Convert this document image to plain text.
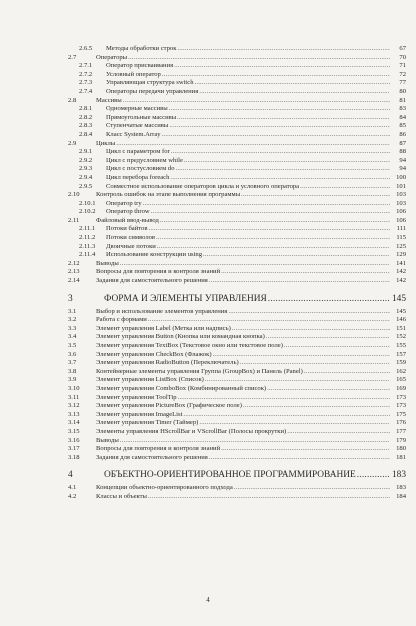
2.6.5 Методы обработки строк .....	67
2.7	Операторы .....	70
2.7.1 Оператор присваивания .....	71
2.7.2 Условный оператор .....	72
2.7.3 Управляющая структура switch .....	77
2.7.4 Операторы передачи управления .....	80
2.8	Массивы .....	81
2.8.1 Одномерные массивы .....	83
2.8.2 Прямоугольные массивы .....	84
2.8.3 Ступенчатые массивы .....	85
2.8.4 Класс System.Array .....	86
2.9	Циклы .....	87
2.9.1 Цикл с параметром for .....	88
2.9.2 Цикл с предусловием while .....	94
2.9.3 Цикл с постусловием do .....	94
2.9.4 Цикл перебора foreach .....	100
2.9.5 Совместное использование операторов цикла и условного оператора .....	101
2.10 Контроль ошибок на этапе выполнения программы .....	103
2.10.1 Оператор try .....	103
2.10.2 Оператор throw .....	106
2.11	Файловый ввод-вывод .....	106
2.11.1 Потоки байтов .....	111
2.11.2 Потоки символов .....	115
2.11.3 Двоичные потоки .....	125
2.11.4 Использование конструкции using .....	129
2.12 Выводы .....	141
2.13 Вопросы для повторения и контроля знаний .....	142
2.14 Задания для самостоятельного решения .....	142
3	ФОРМА И ЭЛЕМЕНТЫ УПРАВЛЕНИЯ .....	145
3.1	Выбор и использование элементов управления .....	145
3.2	Работа с формами .....	146
3.3	Элемент управления Label (Метка или надпись) .....	151
3.4	Элемент управления Button (Кнопка или командная кнопка) .....	152
3.5	Элемент управления TextBox (Текстовое окно или текстовое поле) .....	155
3.6	Элемент управления CheckBox (Флажок) .....	157
3.7	Элемент управления RadioButton (Переключатель) .....	159
3.8	Контейнерные элементы управления Группа (GroupBox) и Панель (Panel) .....	162
3.9	Элемент управления ListBox (Список) .....	165
3.10 Элемент управления ComboBox (Комбинированный список) .....	169
3.11	Элемент управления ToolTip .....	173
3.12 Элемент управления PictureBox (Графическое поле) .....	173
3.13 Элемент управления ImageList .....	175
3.14 Элемент управления Timer (Таймер) .....	176
3.15 Элементы управления HScrollBar и VScrollBar (Полосы прокрутки) .....	177
3.16 Выводы .....	179
3.17 Вопросы для повторения и контроля знаний .....	180
3.18 Задания для самостоятельного решения .....	181
4	ОБЪЕКТНО-ОРИЕНТИРОВАННОЕ ПРОГРАММИРОВАНИЕ .....	183
4.1	Концепции объектно-ориентированного подхода .....	183
4.2	Классы и объекты .....	184
4
